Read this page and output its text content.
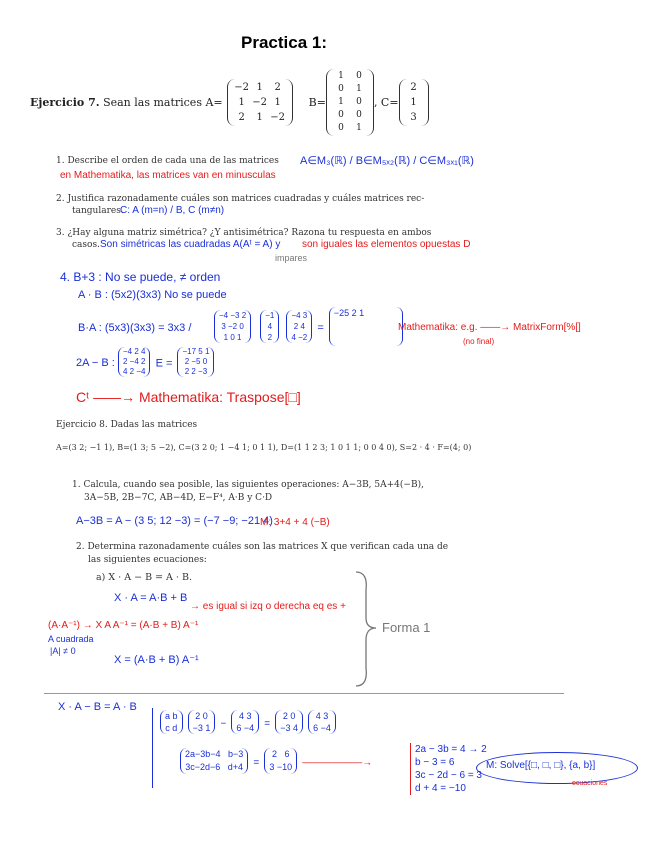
Practica 1:
Ejercicio 7.
Sean las matrices A=
−2 1 2
1 −2 1
2 1 −2
B=
1 0
0 1
1 0
0 0
0 1
, C=
2
1
3
1. Describe el orden de cada una de las matrices A∈M₃(ℝ) / B∈M₅ₓ₂(ℝ) / C∈M₃ₓ₁(ℝ)
en Mathematika, las matrices van en minusculas
2. Justifica razonadamente cuáles son matrices cuadradas y cuáles matrices rec-
tangulares.
C: A (m=n) / B, C (m≠n)
3. ¿Hay alguna matriz simétrica? ¿Y antisimétrica? Razona tu respuesta en ambos
casos. Son simétricas las cuadradas A(Aᵗ = A) y son iguales las elementos opuestas D
impares
4. B+3 : No se puede, ≠ orden
A · B : (5x2)(3x3) No se puede
B·A : (5x3)(3x3) = 3x3 /
−4 −3 2
3 −2 0
1 0 1 −1
4
2 −4 3
2 4
4 −2 = −25 2 1

Mathematika: e.g. ——→ MatrixForm[%[]
(no final)
2A − B :
−4 2 4
2 −4 2
4 2 −4 E = −17 5 1
2 −5 0
2 2 −3
Cᵗ ——→ Mathematika: Traspose[□]
Ejercicio 8. Dadas las matrices
A=(3 2; −1 1), B=(1 3; 5 −2), C=(3 2 0; 1 −4 1; 0 1 1), D=(1 1 2 3; 1 0 1 1; 0 0 4 0), S=2 · 4 · F=(4; 0)
1. Calcula, cuando sea posible, las siguientes operaciones: A−3B, 5A+4(−B),
3A−5B, 2B−7C, AB−4D, E−F⁴, A·B y C·D
A−3B = A − (3 5; 12 −3) = (−7 −9; −21 4)
M: 3+4 + 4 (−B)
2. Determina razonadamente cuáles son las matrices X que verifican cada una de
las siguientes ecuaciones:
a) X · A − B = A · B.
X · A = A·B + B
→ es igual si izq o derecha eq es +
(A·A⁻¹) → X A A⁻¹ = (A·B + B) A⁻¹
A cuadrada
|A| ≠ 0
X = (A·B + B) A⁻¹
Forma 1
X · A − B = A · B
a b
c d 2 0
−3 1 − 4 3
6 −4 = 2 0
−3 4 4 3
6 −4
2a−3b−4   b−3
3c−2d−6   d+4 = 2   6
3 −10 ——————→
2a − 3b = 4 → 2
b − 3 = 6
3c − 2d − 6 = 3
d + 4 = −10
M: Solve[{□, □, □}, {a, b}]
ecuaciones
